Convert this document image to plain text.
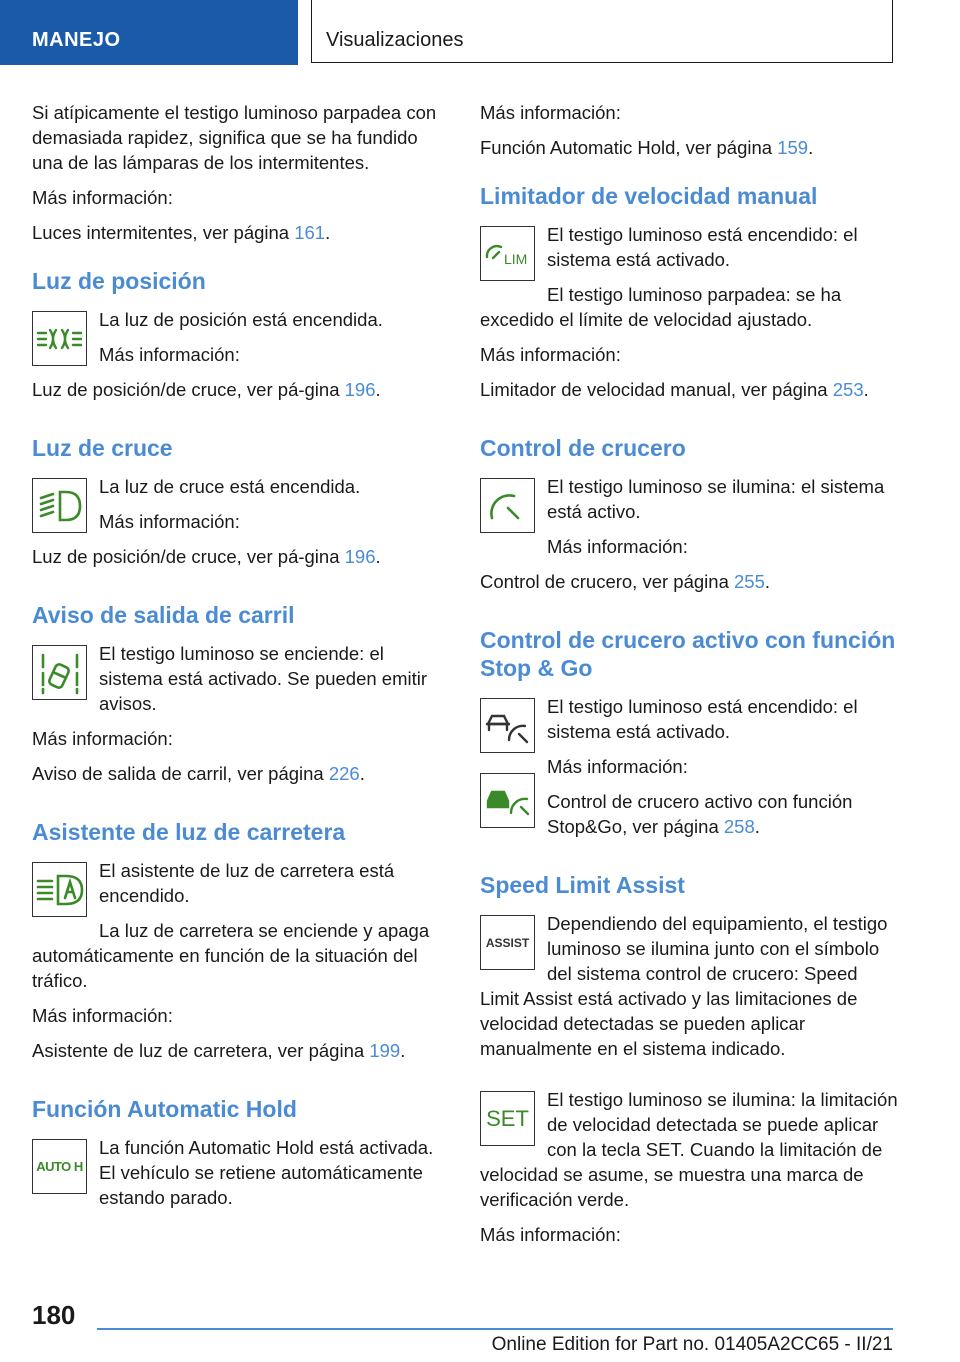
MANEJO	Visualizaciones

Si atípicamente el testigo luminoso parpadea con demasiada rapidez, significa que se ha fundido una de las lámparas de los intermitentes.

Más información:

Luces intermitentes, ver página 161.

Luz de posición

La luz de posición está encendida.

Más información:

Luz de posición/de cruce, ver pá-gina 196.

Luz de cruce

La luz de cruce está encendida.

Más información:

Luz de posición/de cruce, ver pá-gina 196.

Aviso de salida de carril

El testigo luminoso se enciende: el sistema está activado. Se pueden emitir avisos.

Más información:

Aviso de salida de carril, ver página 226.

Asistente de luz de carretera

El asistente de luz de carretera está encendido.

La luz de carretera se enciende y apaga automáticamente en función de la situación del tráfico.

Más información:

Asistente de luz de carretera, ver página 199.

Función Automatic Hold
AUTO H

La función Automatic Hold está activada. El vehículo se retiene automáticamente estando parado.

Más información:

Función Automatic Hold, ver página 159.

Limitador de velocidad manual
LIM

El testigo luminoso está encendido: el sistema está activado.

El testigo luminoso parpadea: se ha excedido el límite de velocidad ajustado.

Más información:

Limitador de velocidad manual, ver página 253.

Control de crucero

El testigo luminoso se ilumina: el sistema está activo.

Más información:

Control de crucero, ver página 255.

Control de crucero activo con función Stop & Go

El testigo luminoso está encendido: el sistema está activado.

Más información:

Control de crucero activo con función Stop&Go, ver página 258.

Speed Limit Assist
ASSIST

Dependiendo del equipamiento, el testigo luminoso se ilumina junto con el símbolo del sistema control de crucero: Speed Limit Assist está activado y las limitaciones de velocidad detectadas se pueden aplicar manualmente en el sistema indicado.

SET

El testigo luminoso se ilumina: la limitación de velocidad detectada se puede aplicar con la tecla SET. Cuando la limitación de velocidad se asume, se muestra una marca de verificación verde.

Más información:

180
Online Edition for Part no. 01405A2CC65 - II/21
